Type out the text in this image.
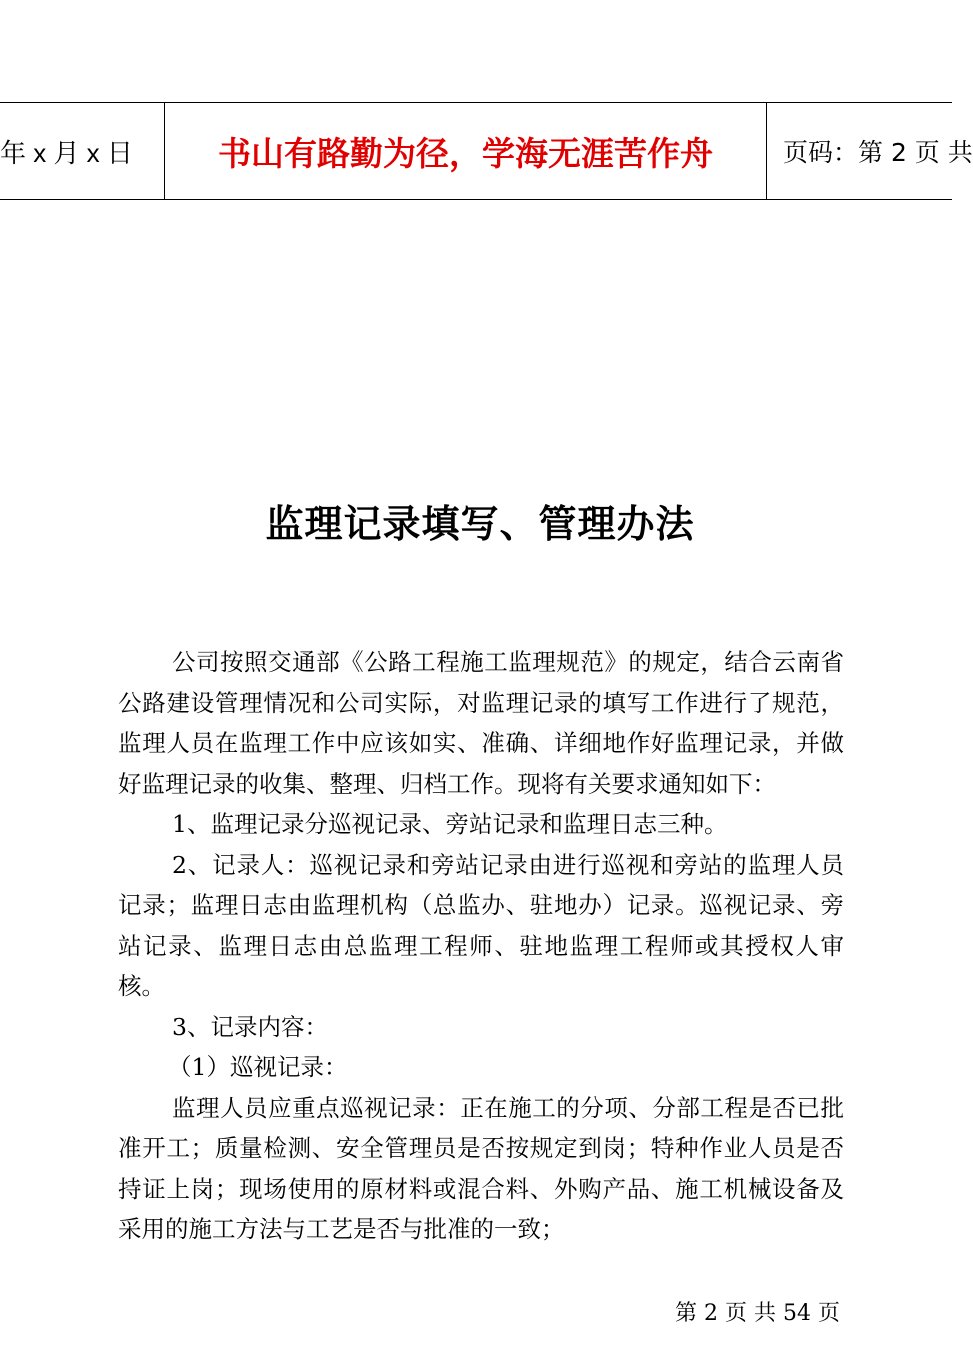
年 x 月 x 日	书山有路勤为径，学海无涯苦作舟	页码：第 2 页 共
监理记录填写、管理办法

公司按照交通部《公路工程施工监理规范》的规定，结合云南省公路建设管理情况和公司实际，对监理记录的填写工作进行了规范，监理人员在监理工作中应该如实、准确、详细地作好监理记录，并做好监理记录的收集、整理、归档工作。现将有关要求通知如下：

1、监理记录分巡视记录、旁站记录和监理日志三种。

2、记录人：巡视记录和旁站记录由进行巡视和旁站的监理人员记录；监理日志由监理机构（总监办、驻地办）记录。巡视记录、旁站记录、监理日志由总监理工程师、驻地监理工程师或其授权人审核。

3、记录内容：

（1）巡视记录：

监理人员应重点巡视记录：正在施工的分项、分部工程是否已批准开工；质量检测、安全管理员是否按规定到岗；特种作业人员是否持证上岗；现场使用的原材料或混合料、外购产品、施工机械设备及采用的施工方法与工艺是否与批准的一致；

第 2 页 共 54 页
